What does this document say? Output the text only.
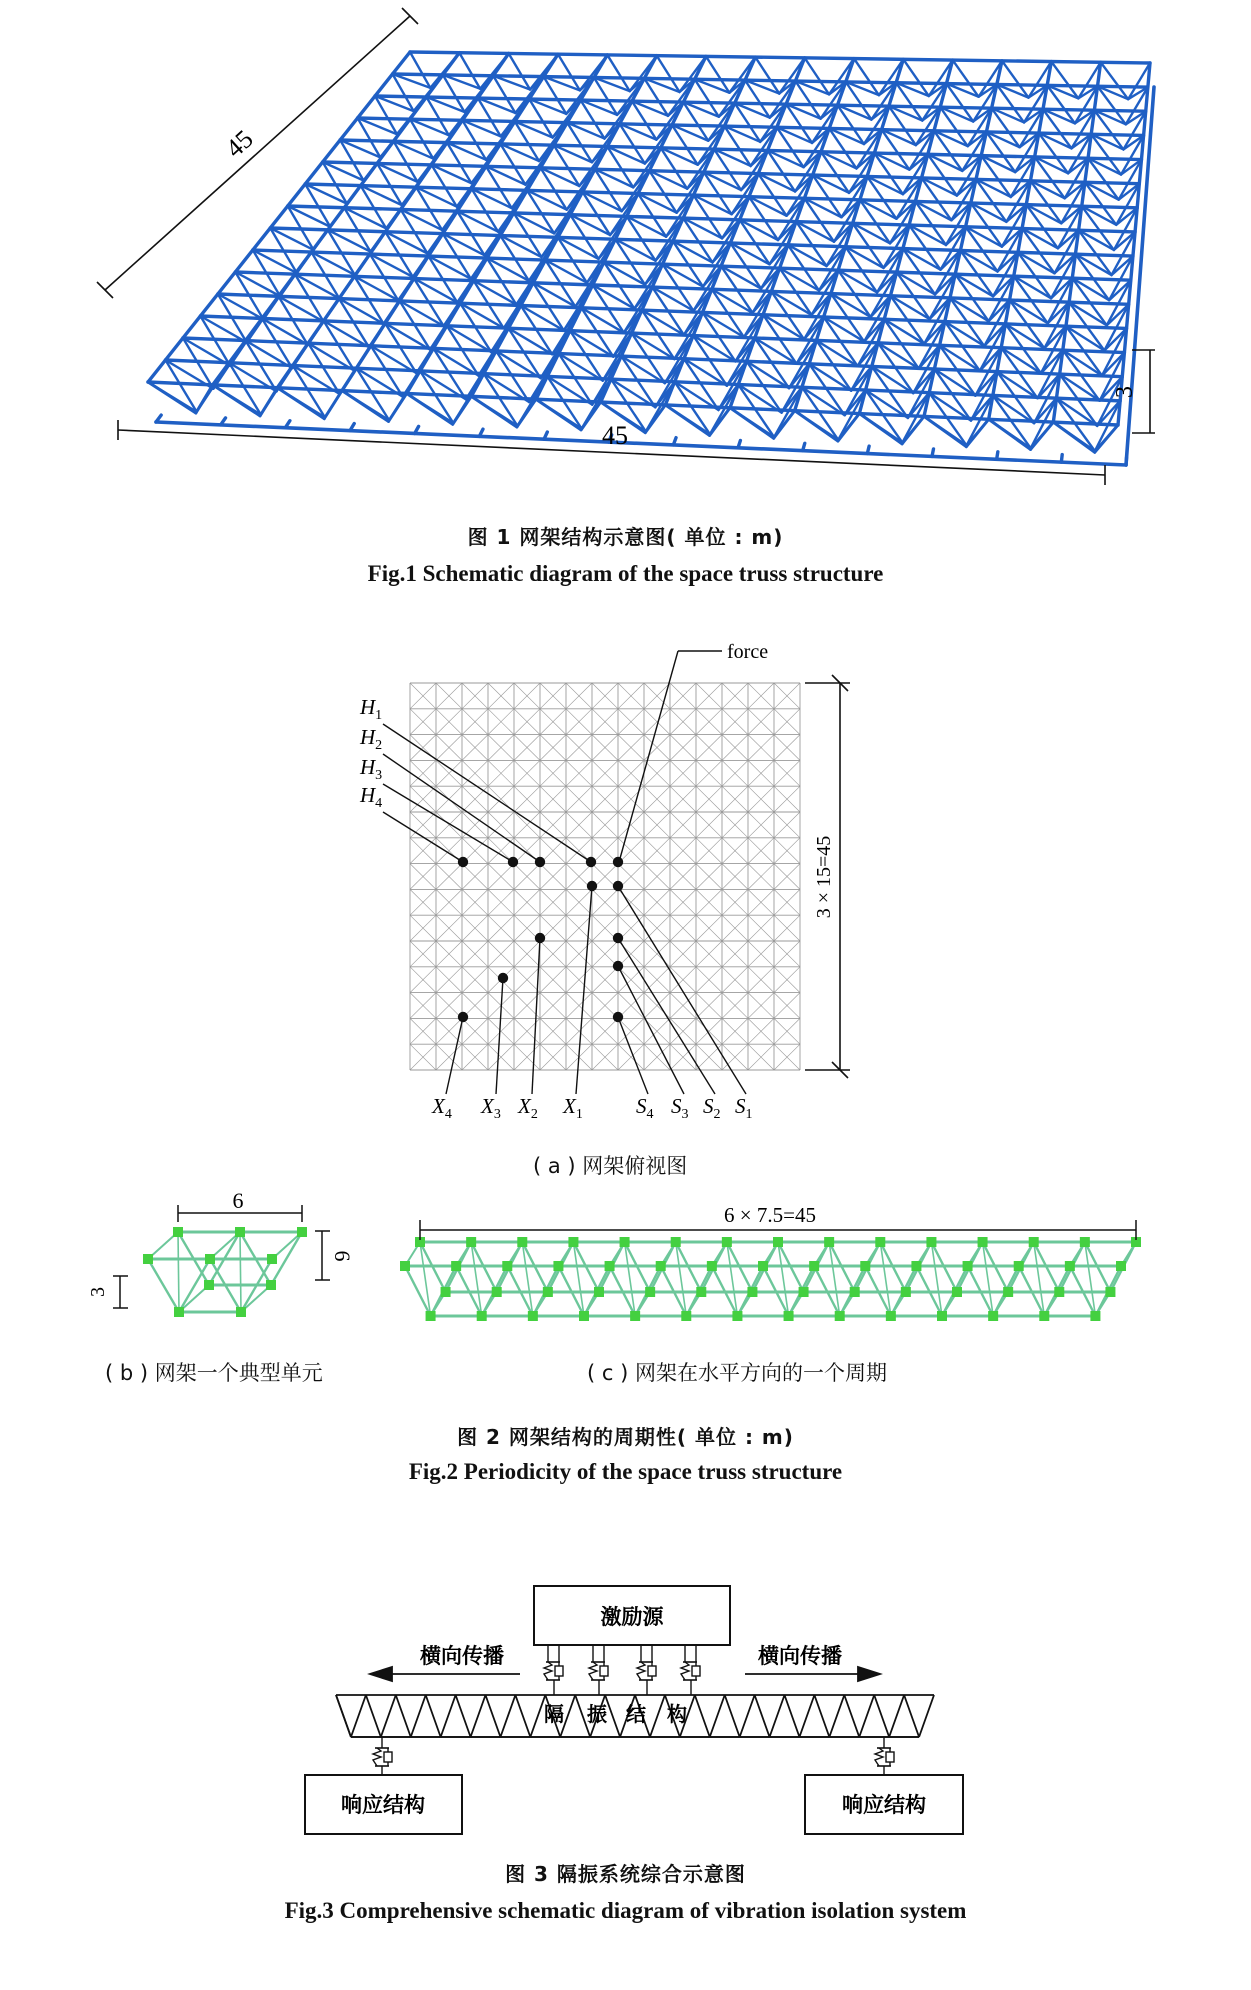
45
45
3
图 1 网架结构示意图( 单位 : m)
Fig.1 Schematic diagram of the space truss structure
force
3 × 15=45
$H_1$
$H_2$
$H_3$
$H_4$
$X_4$ $X_3$ $X_2$ $X_1$	$S_4$ $S_3$ $S_2$ $S_1$
( a ) 网架俯视图
6
6
3
6 × 7.5=45
( b ) 网架一个典型单元	( c ) 网架在水平方向的一个周期
图 2 网架结构的周期性( 单位 : m)
Fig.2 Periodicity of the space truss structure
激励源
横向传播	横向传播
隔 振 结 构
响应结构	响应结构
图 3 隔振系统综合示意图
Fig.3 Comprehensive schematic diagram of vibration isolation system
